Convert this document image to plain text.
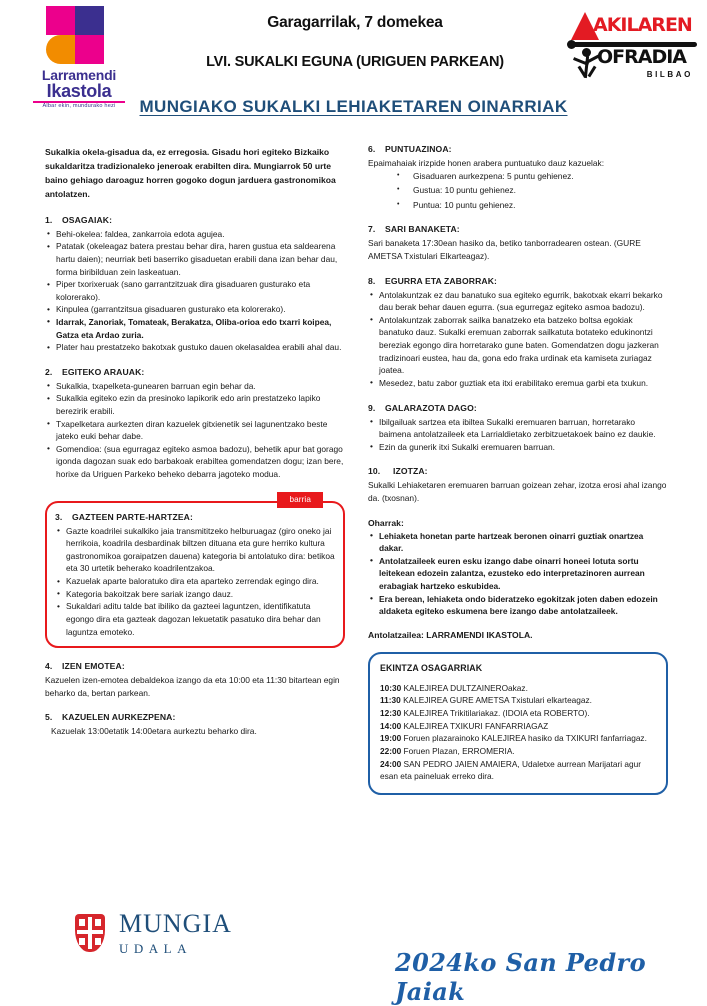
Larramendi
Ikastola
Albar ekin, mundurako hezi
Garagarrilak, 7 domekea
LVI. SUKALKI EGUNA (URIGUEN PARKEAN)
AKILAREN
OFRADIA
BILBAO
MUNGIAKO SUKALKI LEHIAKETAREN OINARRIAK

Sukalkia okela-gisadua da, ez erregosia. Gisadu hori egiteko Bizkaiko sukaldaritza tradizionaleko jeneroak erabilten dira. Mungiarrok 50 urte baino gehiago daroaguz horren gogoko dogun jarduera gastronomikoa antolatzen.

1.	OSAGAIAK:
• Behi-okelea: faldea, zankarroia edota agujea.
• Patatak (okeleagaz batera prestau behar dira, haren gustua eta saldearena hartu daien); neurriak beti baserriko gisaduetan erabili dana izan behar dau, forma biribilduan zein laskeatuan.
• Piper txorixeruak (sano garrantzitzuak dira gisaduaren gusturako eta kolorerako).
• Kinpulea (garrantzitsua gisaduaren gusturako eta kolorerako).
• Idarrak, Zanoriak, Tomateak, Berakatza, Oliba-orioa edo txarri koipea, Gatza eta Ardao zuria.
• Plater hau prestatzeko bakotxak gustuko dauen okelasaldea erabili ahal dau.
2.	EGITEKO ARAUAK:
• Sukalkia, txapelketa-gunearen barruan egin behar da.
• Sukalkia egiteko ezin da presinoko lapikorik edo arin prestatzeko lapiko berezirik erabili.
• Txapelketara aurkezten diran kazuelek gitxienetik sei lagunentzako beste jateko euki behar dabe.
• Gomendioa: (sua egurragaz egiteko asmoa badozu), behetik apur bat gorago igonda dagozan suak edo barbakoak erabiltea gomendatzen dogu; izan bere, horixe da Uriguen Parkeko beheko debarra jagoteko modua.
barria
3.	GAZTEEN PARTE-HARTZEA:
• Gazte koadrilei sukalkiko jaia transmititzeko helburuagaz (giro oneko jai herrikoia, koadrila desbardinak biltzen dituana eta gure herriko kultura gastronomikoa goraipatzen dauena) kategoria bi antolatuko dira: betikoa eta 30 urtetik beherako koadrilentzakoa.
• Kazuelak aparte baloratuko dira eta aparteko zerrendak egingo dira.
• Kategoria bakoitzak bere sariak izango dauz.
• Sukaldari aditu talde bat ibiliko da gazteei laguntzen, identifikatuta egongo dira eta gazteak dagozan lekuetatik pasatuko dira behar dan laguntza emoteko.
4.	IZEN EMOTEA:

Kazuelen izen-emotea debaldekoa izango da eta 10:00 eta 11:30 bitartean egin beharko da, bertan parkean.

5.	KAZUELEN AURKEZPENA:

Kazuelak 13:00etatik 14:00etara aurkeztu beharko dira.

6.	PUNTUAZINOA:

Epaimahaiak irizpide honen arabera puntuatuko dauz kazuelak:

• Gisaduaren aurkezpena: 5 puntu gehienez.
• Gustua: 10 puntu gehienez.
• Puntua: 10 puntu gehienez.
7.	SARI BANAKETA:

Sari banaketa 17:30ean hasiko da, betiko tanborradearen ostean. (GURE AMETSA Txistulari Elkarteagaz).

8.	EGURRA ETA ZABORRAK:
• Antolakuntzak ez dau banatuko sua egiteko egurrik, bakotxak ekarri bekarko dau berak behar dauen egurra. (sua egurregaz egiteko asmoa badozu).
• Antolakuntzak zaborrak sailka banatzeko eta batzeko boltsa egokiak banatuko dauz. Sukalki eremuan zaborrak sailkatuta botateko edukinontzi bereziak egongo dira horretarako gune baten. Gomendatzen dogu jazkeran tradizinoari eustea, hau da, gona edo fraka urdinak eta kamiseta zuriagaz joatea.
• Mesedez, batu zabor guztiak eta itxi erabilitako eremua garbi eta txukun.
9.	GALARAZOTA DAGO:
• Ibilgailuak sartzea eta ibiltea Sukalki eremuaren barruan, horretarako baimena antolatzaileek eta Larrialdietako zerbitzuetakoek baino ez daukie.
• Ezin da gunerik itxi Sukalki eremuaren barruan.
10.	IZOTZA:

Sukalki Lehiaketaren eremuaren barruan goizean zehar, izotza erosi ahal izango da. (txosnan).

Oharrak:
• Lehiaketa honetan parte hartzeak beronen oinarri guztiak onartzea dakar.
• Antolatzaileek euren esku izango dabe oinarri honeei lotuta sortu leitekean edozein zalantza, ezusteko edo interpretazinoren aurrean erabagiak hartzeko eskubidea.
• Era berean, lehiaketa ondo bideratzeko egokitzak joten daben edozein aldaketa egiteko eskumena bere izango dabe antolatzaileek.
Antolatzailea: LARRAMENDI IKASTOLA.
EKINTZA OSAGARRIAK
10:30 KALEJIREA DULTZAINEROakaz.
11:30 KALEJIREA GURE AMETSA Txistulari elkarteagaz.
12:30 KALEJIREA Trikitilariakaz. (IDOIA eta ROBERTO).
14:00 KALEJIREA TXIKURI FANFARRIAGAZ
19:00 Foruen plazarainoko KALEJIREA hasiko da TXIKURI fanfarriagaz.
22:00 Foruen Plazan, ERROMERIA.
24:00 SAN PEDRO JAIEN AMAIERA, Udaletxe aurrean Marijatari agur esan eta paineluak erreko dira.
MUNGIA
UDALA	2024ko San Pedro Jaiak
